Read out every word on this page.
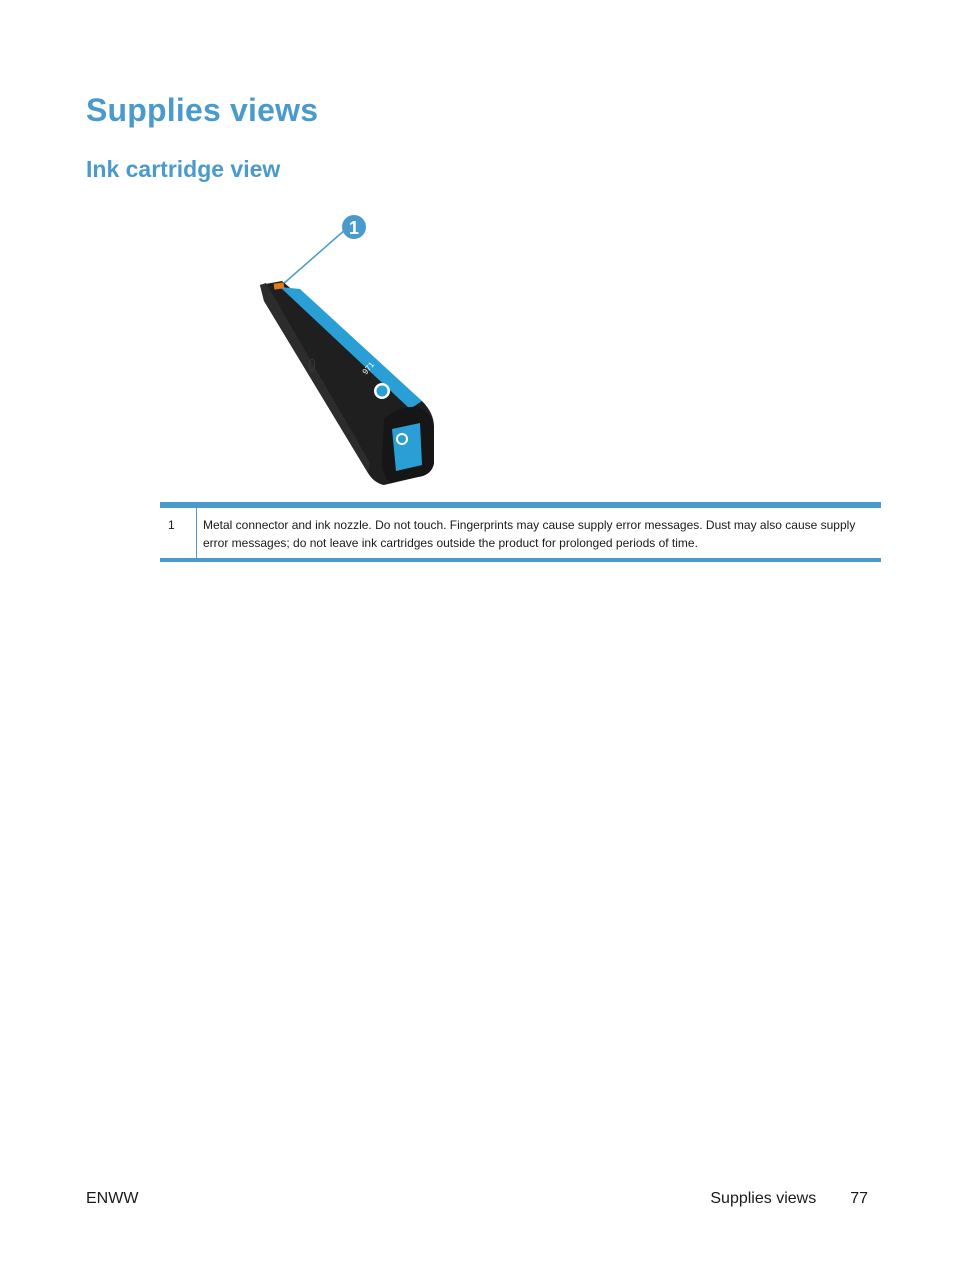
Supplies views
Ink cartridge view
1
971
1	Metal connector and ink nozzle. Do not touch. Fingerprints may cause supply error messages. Dust may also cause supply error messages; do not leave ink cartridges outside the product for prolonged periods of time.
ENWW	Supplies views 77
